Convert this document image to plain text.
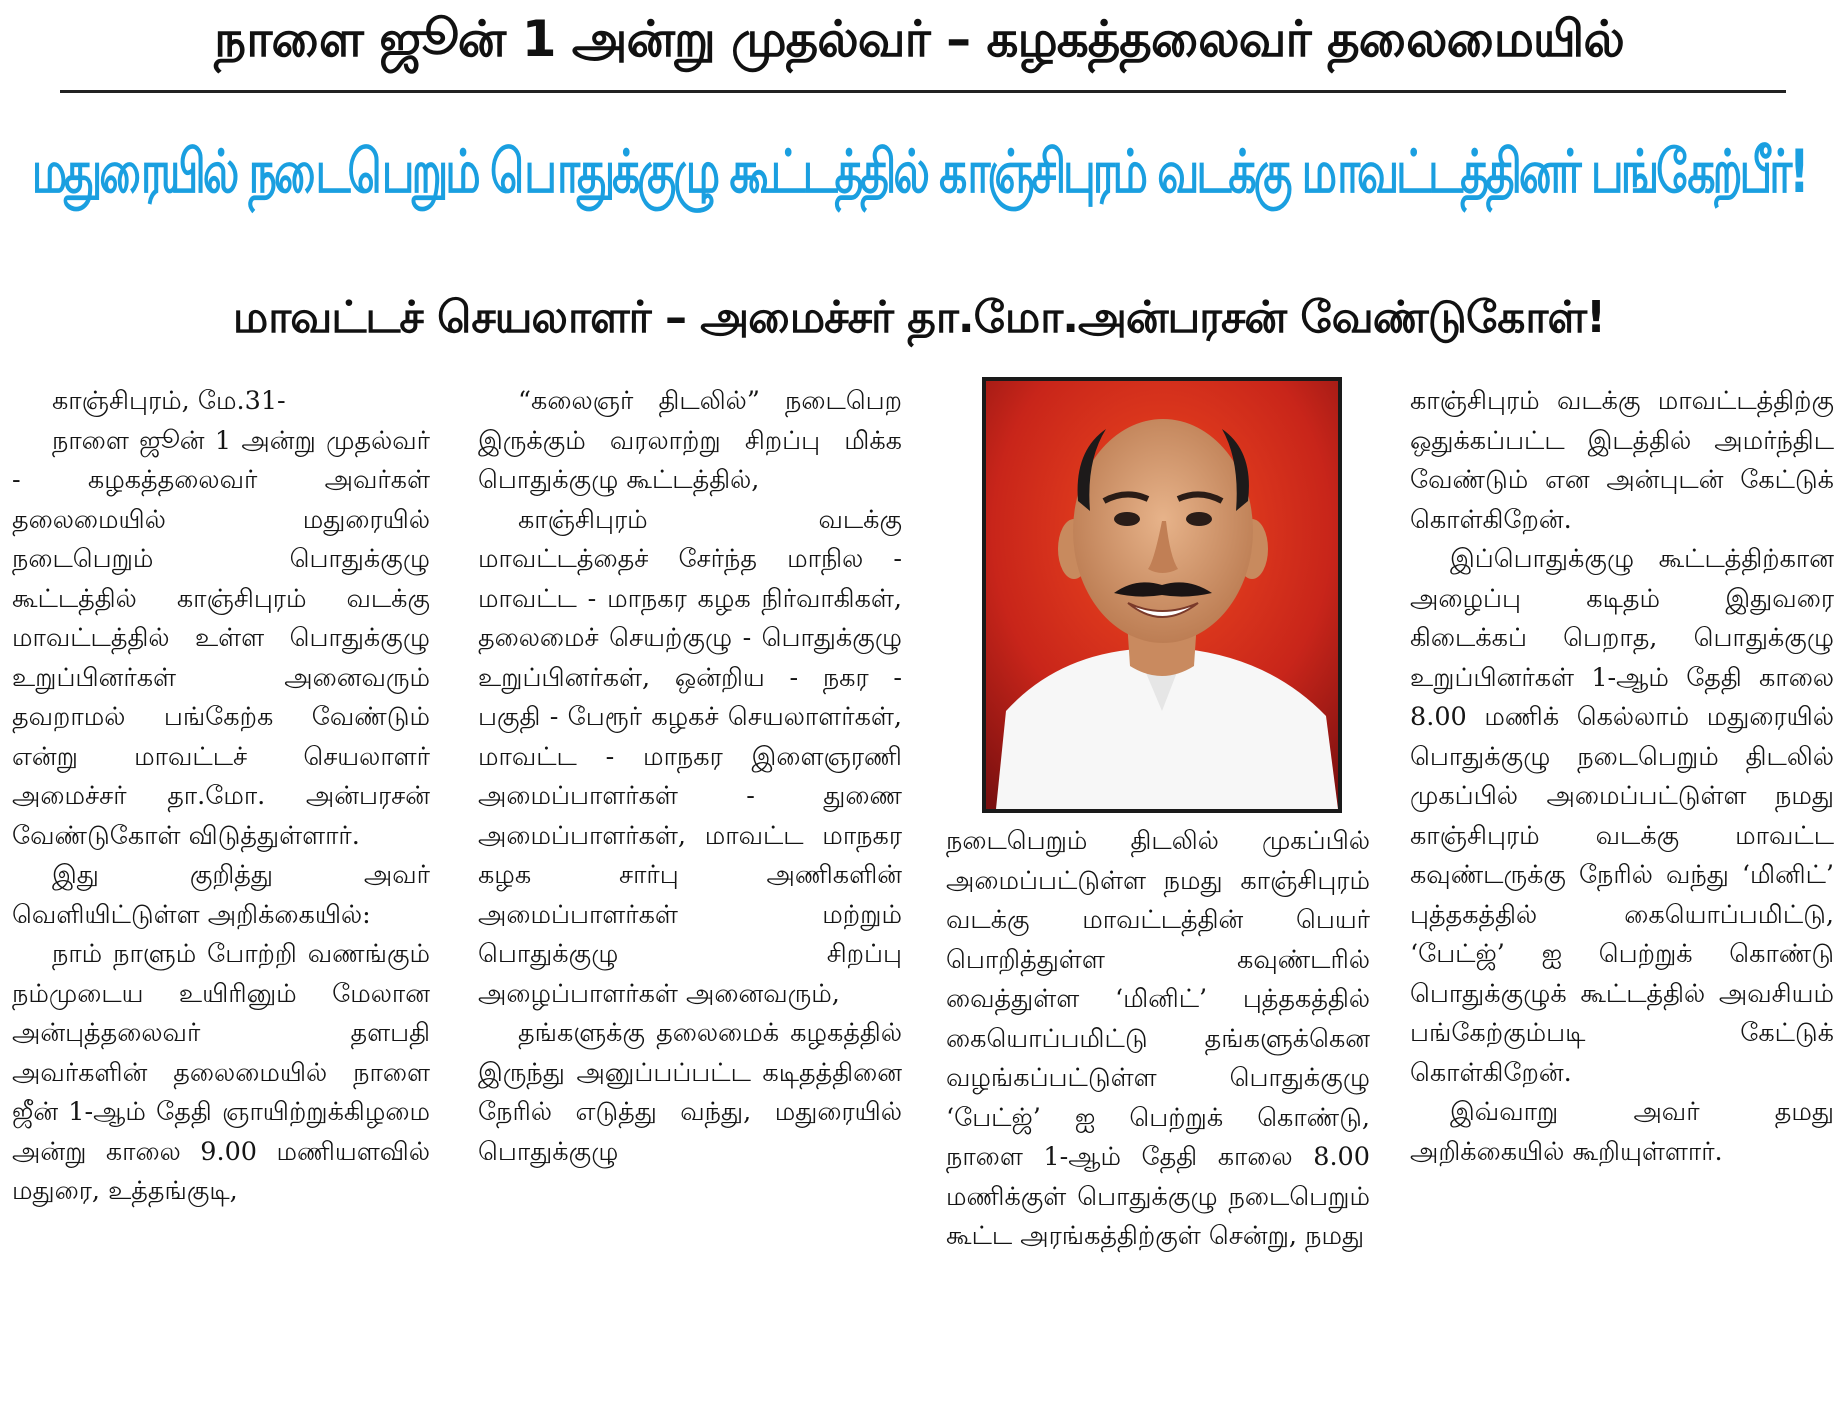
நாளை ஜூன் 1 அன்று முதல்வர் – கழகத்தலைவர் தலைமையில்
மதுரையில் நடைபெறும் பொதுக்குழு கூட்டத்தில் காஞ்சிபுரம் வடக்கு மாவட்டத்தினர் பங்கேற்பீர்!
மாவட்டச் செயலாளர் – அமைச்சர் தா.மோ.அன்பரசன் வேண்டுகோள்!

காஞ்சிபுரம், மே.31-

நாளை ஜூன் 1 அன்று முதல்வர் - கழகத்தலைவர் அவர்கள் தலைமையில் மதுரையில் நடைபெறும் பொதுக்குழு கூட்டத்தில் காஞ்சிபுரம் வடக்கு மாவட்டத்தில் உள்ள பொதுக்குழு உறுப்பினர்கள் அனைவரும் தவறாமல் பங்கேற்க வேண்டும் என்று மாவட்டச் செயலாளர் அமைச்சர் தா.மோ. அன்பரசன் வேண்டுகோள் விடுத்துள்ளார்.

இது குறித்து அவர் வெளியிட்டுள்ள அறிக்கையில்:

நாம் நாளும் போற்றி வணங்கும் நம்முடைய உயிரினும் மேலான அன்புத்தலைவர் தளபதி அவர்களின் தலைமையில் நாளை ஜீன் 1-ஆம் தேதி ஞாயிற்றுக்கிழமை அன்று காலை 9.00 மணியளவில் மதுரை, உத்தங்குடி,

“கலைஞர் திடலில்” நடைபெற இருக்கும் வரலாற்று சிறப்பு மிக்க பொதுக்குழு கூட்டத்தில்,

காஞ்சிபுரம் வடக்கு மாவட்டத்தைச் சேர்ந்த மாநில - மாவட்ட - மாநகர கழக நிர்வாகிகள், தலைமைச் செயற்குழு - பொதுக்குழு உறுப்பினர்கள், ஒன்றிய - நகர - பகுதி - பேரூர் கழகச் செயலாளர்கள், மாவட்ட - மாநகர இளைஞரணி அமைப்பாளர்கள் - துணை அமைப்பாளர்கள், மாவட்ட மாநகர கழக சார்பு அணிகளின் அமைப்பாளர்கள் மற்றும் பொதுக்குழு சிறப்பு அழைப்பாளர்கள் அனைவரும்,

தங்களுக்கு தலைமைக் கழகத்தில் இருந்து அனுப்பப்பட்ட கடிதத்தினை நேரில் எடுத்து வந்து, மதுரையில் பொதுக்குழு

நடைபெறும் திடலில் முகப்பில் அமைப்பட்டுள்ள நமது காஞ்சிபுரம் வடக்கு மாவட்டத்தின் பெயர் பொறித்துள்ள கவுண்டரில் வைத்துள்ள ‘மினிட்’ புத்தகத்தில் கையொப்பமிட்டு தங்களுக்கென வழங்கப்பட்டுள்ள பொதுக்குழு ‘பேட்ஜ்’ ஐ பெற்றுக் கொண்டு, நாளை 1-ஆம் தேதி காலை 8.00 மணிக்குள் பொதுக்குழு நடைபெறும் கூட்ட அரங்கத்திற்குள் சென்று, நமது

காஞ்சிபுரம் வடக்கு மாவட்டத்திற்கு ஒதுக்கப்பட்ட இடத்தில் அமர்ந்திட வேண்டும் என அன்புடன் கேட்டுக் கொள்கிறேன்.

இப்பொதுக்குழு கூட்டத்திற்கான அழைப்பு கடிதம் இதுவரை கிடைக்கப் பெறாத, பொதுக்குழு உறுப்பினர்கள் 1-ஆம் தேதி காலை 8.00 மணிக் கெல்லாம் மதுரையில் பொதுக்குழு நடைபெறும் திடலில் முகப்பில் அமைப்பட்டுள்ள நமது காஞ்சிபுரம் வடக்கு மாவட்ட கவுண்டருக்கு நேரில் வந்து ‘மினிட்’ புத்தகத்தில் கையொப்பமிட்டு, ‘பேட்ஜ்’ ஐ பெற்றுக் கொண்டு பொதுக்குழுக் கூட்டத்தில் அவசியம் பங்கேற்கும்படி கேட்டுக் கொள்கிறேன்.

இவ்வாறு அவர் தமது அறிக்கையில் கூறியுள்ளார்.
